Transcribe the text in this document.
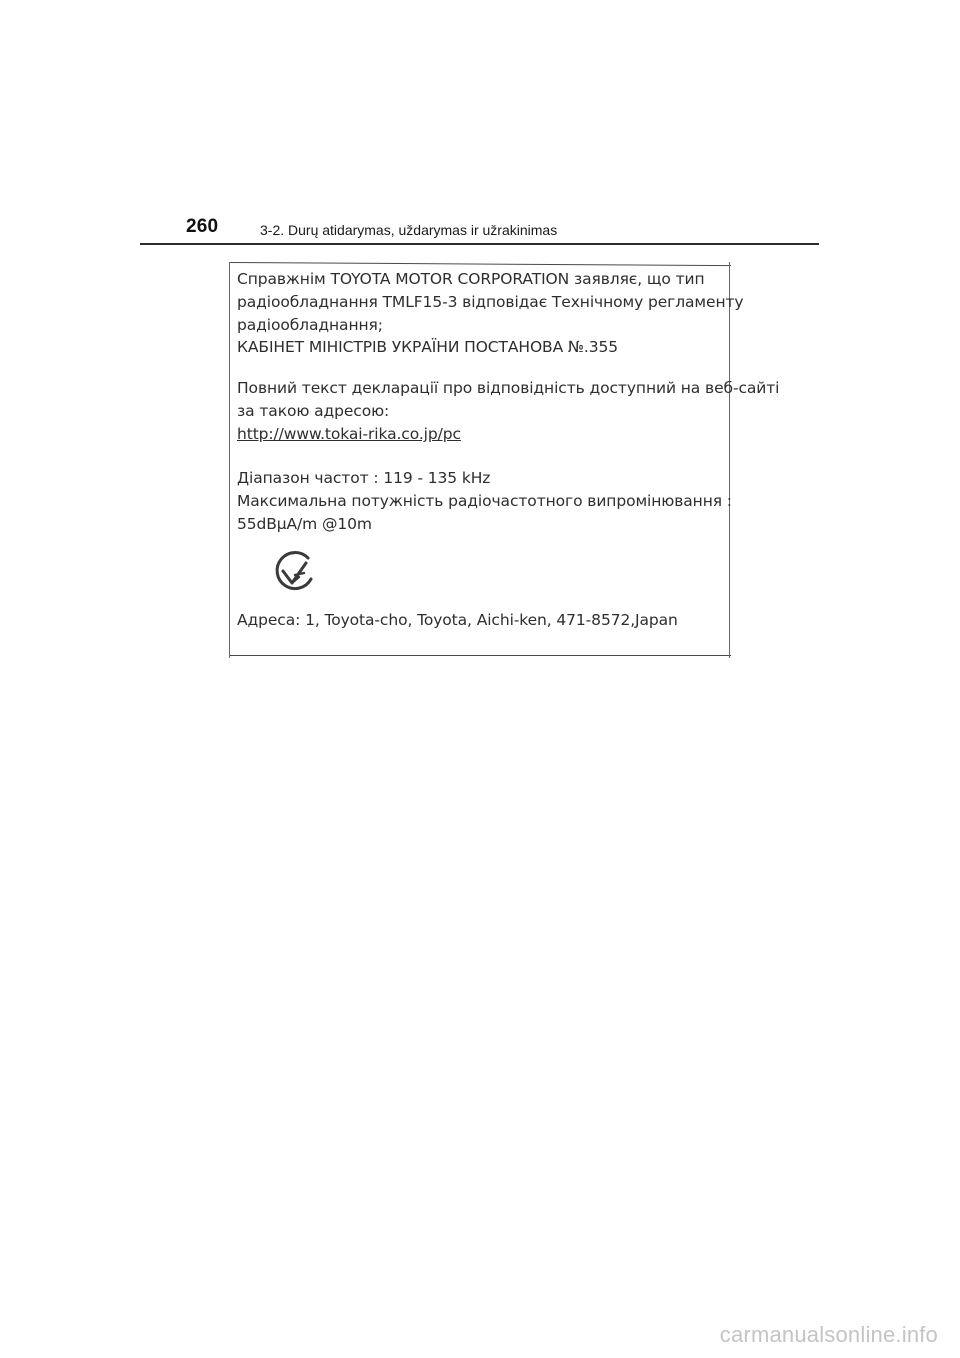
260	3-2. Durų atidarymas, uždarymas ir užrakinimas
Справжнім TOYOTA MOTOR CORPORATION заявляє, що тип
радіообладнання TMLF15-3 відповідає Технічному регламенту
радіообладнання;
КАБІНЕТ МІНІСТРІВ УКРАЇНИ ПОСТАНОВА №.355
Повний текст декларації про відповідність доступний на веб-сайті
за такою адресою:
http://www.tokai-rika.co.jp/pc
Діапазон частот : 119 - 135 kHz
Максимальна потужність радіочастотного випромінювання :
55dBμA/m @10m
Адреса: 1, Toyota-cho, Toyota, Aichi-ken, 471-8572,Japan
carmanualsonline.info
